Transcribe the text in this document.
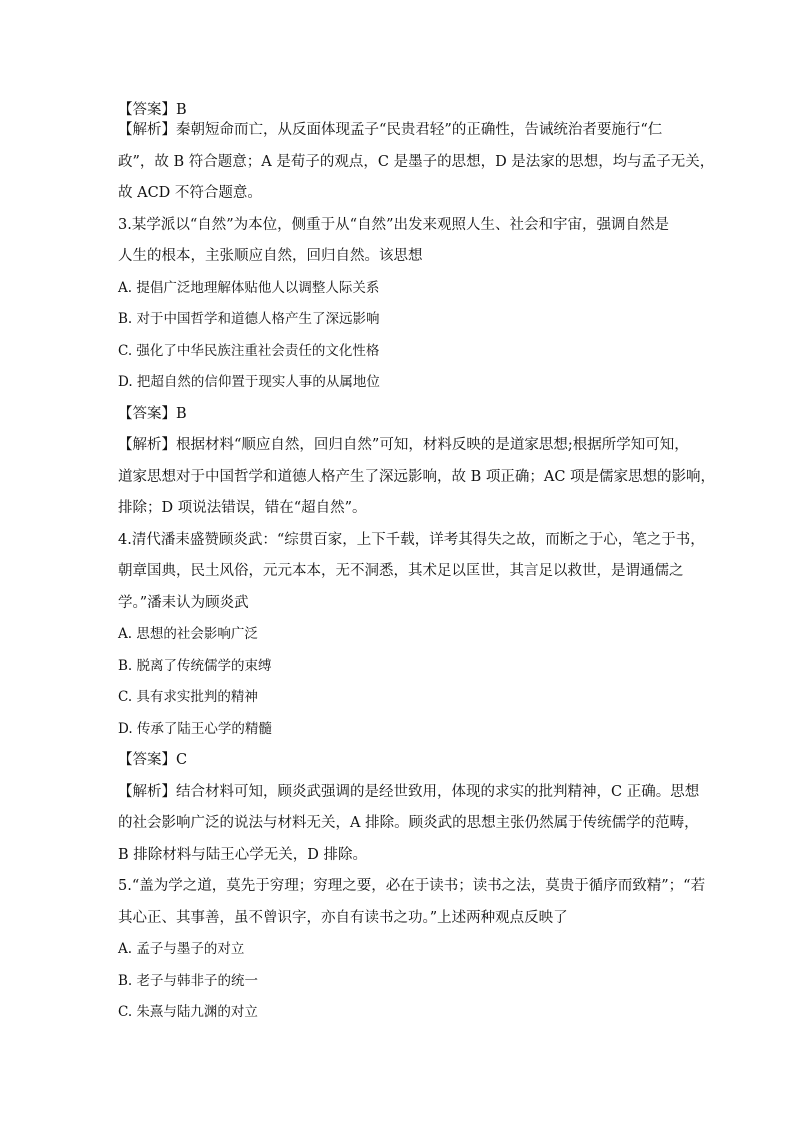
【答案】B
【解析】秦朝短命而亡，从反面体现孟子“民贵君轻”的正确性，告诫统治者要施行“仁
政”，故 B 符合题意；A 是荀子的观点，C 是墨子的思想，D 是法家的思想，均与孟子无关，
故 ACD 不符合题意。
3.某学派以“自然”为本位，侧重于从“自然”出发来观照人生、社会和宇宙，强调自然是
人生的根本，主张顺应自然，回归自然。该思想
A. 提倡广泛地理解体贴他人以调整人际关系
B. 对于中国哲学和道德人格产生了深远影响
C. 强化了中华民族注重社会责任的文化性格
D. 把超自然的信仰置于现实人事的从属地位
【答案】B
【解析】根据材料“顺应自然，回归自然”可知，材料反映的是道家思想;根据所学知可知，
道家思想对于中国哲学和道德人格产生了深远影响，故 B 项正确；AC 项是儒家思想的影响，
排除；D 项说法错误，错在“超自然”。
4.清代潘耒盛赞顾炎武：“综贯百家，上下千载，详考其得失之故，而断之于心，笔之于书，
朝章国典，民土风俗，元元本本，无不洞悉，其术足以匡世，其言足以救世，是谓通儒之
学。”潘耒认为顾炎武
A. 思想的社会影响广泛
B. 脱离了传统儒学的束缚
C. 具有求实批判的精神
D. 传承了陆王心学的精髓
【答案】C
【解析】结合材料可知，顾炎武强调的是经世致用，体现的求实的批判精神，C 正确。思想
的社会影响广泛的说法与材料无关，A 排除。顾炎武的思想主张仍然属于传统儒学的范畴，
B 排除材料与陆王心学无关，D 排除。
5.“盖为学之道，莫先于穷理；穷理之要，必在于读书；读书之法，莫贵于循序而致精”；“若
其心正、其事善，虽不曾识字，亦自有读书之功。”上述两种观点反映了
A. 孟子与墨子的对立
B. 老子与韩非子的统一
C. 朱熹与陆九渊的对立
